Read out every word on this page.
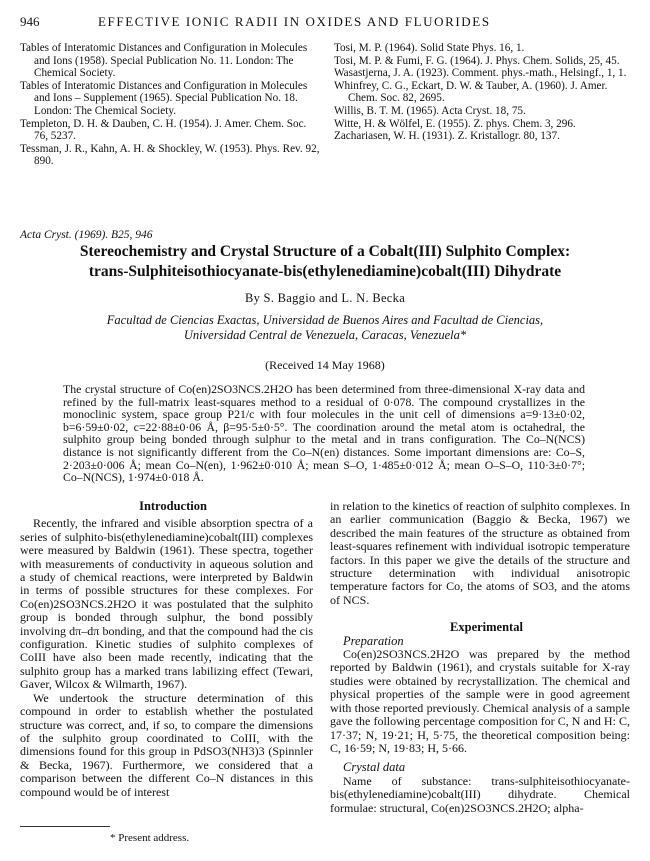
946	EFFECTIVE IONIC RADII IN OXIDES AND FLUORIDES
Tables of Interatomic Distances and Configuration in Molecules and Ions (1958). Special Publication No. 11. London: The Chemical Society.
Tables of Interatomic Distances and Configuration in Molecules and Ions – Supplement (1965). Special Publication No. 18. London: The Chemical Society.
Templeton, D. H. & Dauben, C. H. (1954). J. Amer. Chem. Soc. 76, 5237.
Tessman, J. R., Kahn, A. H. & Shockley, W. (1953). Phys. Rev. 92, 890.
Tosi, M. P. (1964). Solid State Phys. 16, 1.
Tosi, M. P. & Fumi, F. G. (1964). J. Phys. Chem. Solids, 25, 45.
Wasastjerna, J. A. (1923). Comment. phys.-math., Helsingf., 1, 1.
Whinfrey, C. G., Eckart, D. W. & Tauber, A. (1960). J. Amer. Chem. Soc. 82, 2695.
Willis, B. T. M. (1965). Acta Cryst. 18, 75.
Witte, H. & Wölfel, E. (1955). Z. phys. Chem. 3, 296.
Zachariasen, W. H. (1931). Z. Kristallogr. 80, 137.
Acta Cryst. (1969). B25, 946
Stereochemistry and Crystal Structure of a Cobalt(III) Sulphito Complex:
trans-Sulphiteisothiocyanate-bis(ethylenediamine)cobalt(III) Dihydrate
By S. Baggio and L. N. Becka
Facultad de Ciencias Exactas, Universidad de Buenos Aires and Facultad de Ciencias,
Universidad Central de Venezuela, Caracas, Venezuela*
(Received 14 May 1968)
The crystal structure of Co(en)2SO3NCS.2H2O has been determined from three-dimensional X-ray data and refined by the full-matrix least-squares method to a residual of 0·078. The compound crystallizes in the monoclinic system, space group P21/c with four molecules in the unit cell of dimensions a=9·13±0·02, b=6·59±0·02, c=22·88±0·06 Å, β=95·5±0·5°. The coordination around the metal atom is octahedral, the sulphito group being bonded through sulphur to the metal and in trans configuration. The Co–N(NCS) distance is not significantly different from the Co–N(en) distances. Some important dimensions are: Co–S, 2·203±0·006 Å; mean Co–N(en), 1·962±0·010 Å; mean S–O, 1·485±0·012 Å; mean O–S–O, 110·3±0·7°; Co–N(NCS), 1·974±0·018 Å.

Introduction

Recently, the infrared and visible absorption spectra of a series of sulphito-bis(ethylenediamine)cobalt(III) complexes were measured by Baldwin (1961). These spectra, together with measurements of conductivity in aqueous solution and a study of chemical reactions, were interpreted by Baldwin in terms of possible structures for these complexes. For Co(en)2SO3NCS.2H2O it was postulated that the sulphito group is bonded through sulphur, the bond possibly involving dπ–dπ bonding, and that the compound had the cis configuration. Kinetic studies of sulphito complexes of CoIII have also been made recently, indicating that the sulphito group has a marked trans labilizing effect (Tewari, Gaver, Wilcox & Wilmarth, 1967).

We undertook the structure determination of this compound in order to establish whether the postulated structure was correct, and, if so, to compare the dimensions of the sulphito group coordinated to CoIII, with the dimensions found for this group in PdSO3(NH3)3 (Spinnler & Becka, 1967). Furthermore, we considered that a comparison between the different Co–N distances in this compound would be of interest

in relation to the kinetics of reaction of sulphito complexes. In an earlier communication (Baggio & Becka, 1967) we described the main features of the structure as obtained from least-squares refinement with individual isotropic temperature factors. In this paper we give the details of the structure and structure determination with individual anisotropic temperature factors for Co, the atoms of SO3, and the atoms of NCS.

Experimental

Preparation

Co(en)2SO3NCS.2H2O was prepared by the method reported by Baldwin (1961), and crystals suitable for X-ray studies were obtained by recrystallization. The chemical and physical properties of the sample were in good agreement with those reported previously. Chemical analysis of a sample gave the following percentage composition for C, N and H: C, 17·37; N, 19·21; H, 5·75, the theoretical composition being: C, 16·59; N, 19·83; H, 5·66.

Crystal data

Name of substance: trans-sulphiteisothiocyanate-bis(ethylenediamine)cobalt(III) dihydrate. Chemical formulae: structural, Co(en)2SO3NCS.2H2O; alpha-

* Present address.
